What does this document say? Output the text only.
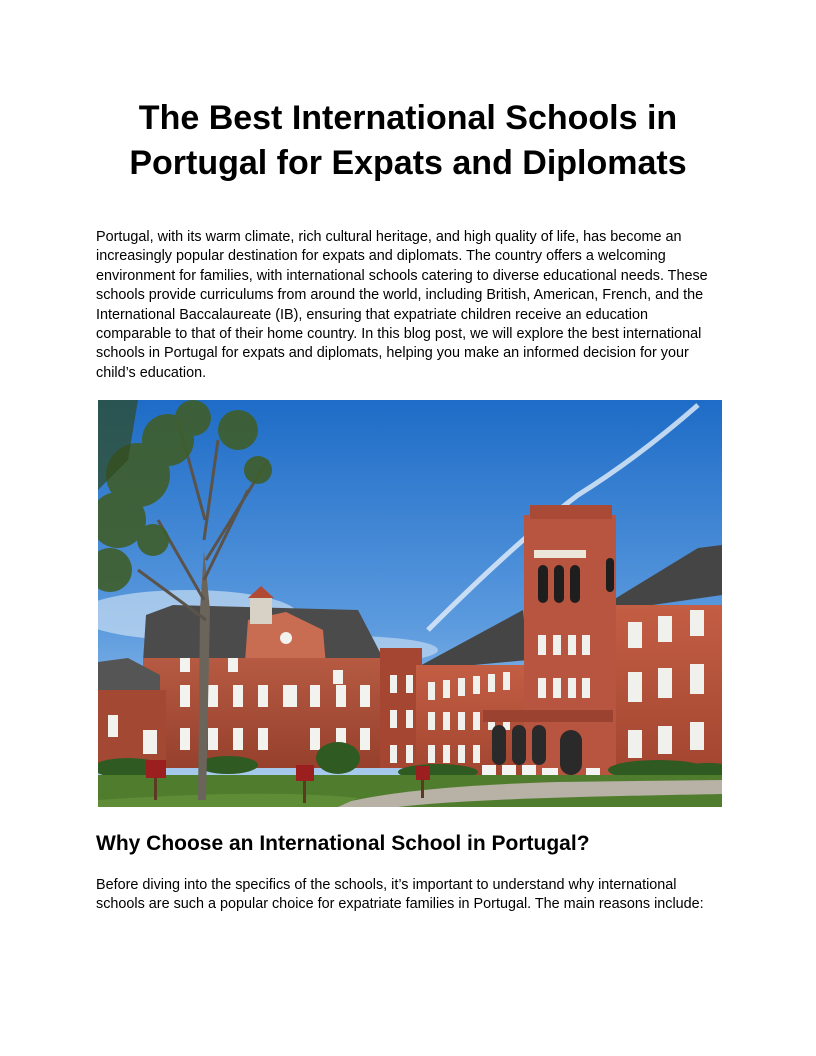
The Best International Schools in Portugal for Expats and Diplomats

Portugal, with its warm climate, rich cultural heritage, and high quality of life, has become an increasingly popular destination for expats and diplomats. The country offers a welcoming environment for families, with international schools catering to diverse educational needs. These schools provide curriculums from around the world, including British, American, French, and the International Baccalaureate (IB), ensuring that expatriate children receive an education comparable to that of their home country. In this blog post, we will explore the best international schools in Portugal for expats and diplomats, helping you make an informed decision for your child’s education.

Why Choose an International School in Portugal?

Before diving into the specifics of the schools, it’s important to understand why international schools are such a popular choice for expatriate families in Portugal. The main reasons include:
